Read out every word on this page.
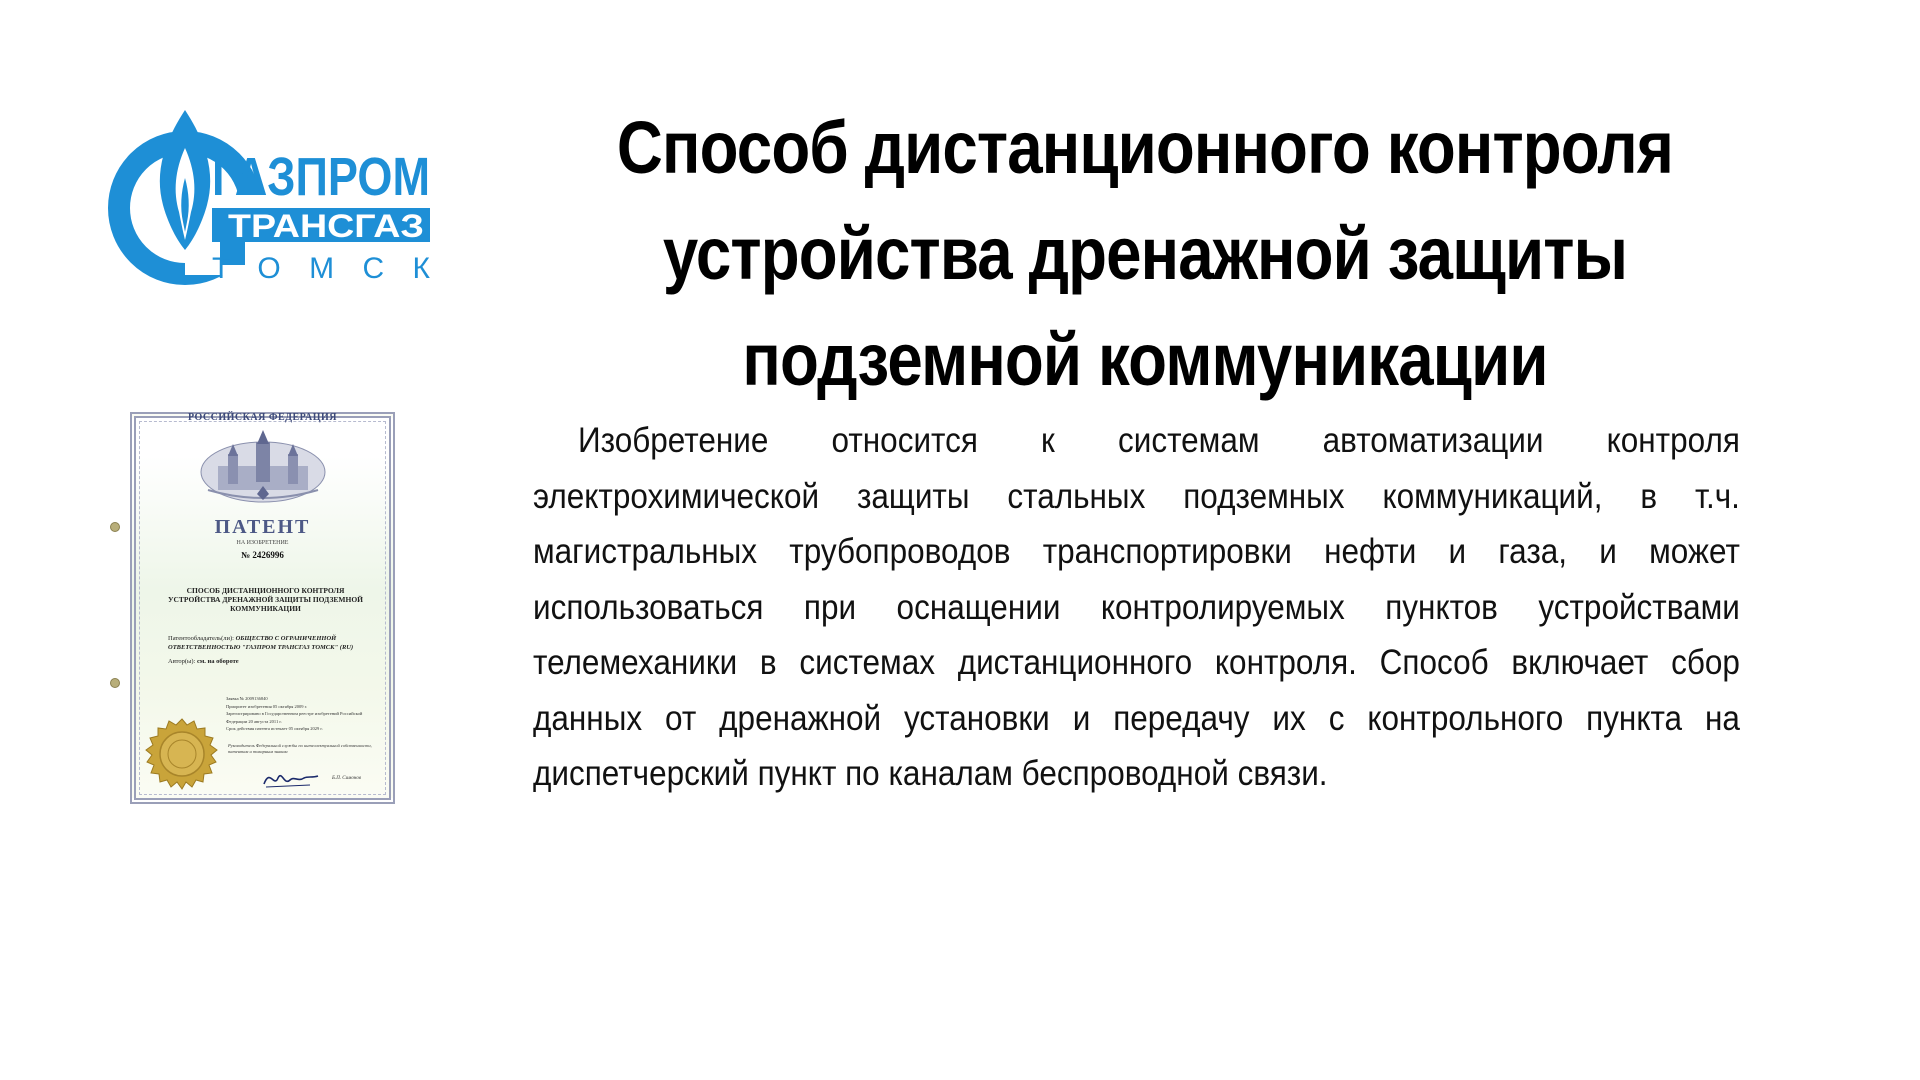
ГАЗПРОМ
ТРАНСГАЗ
ТОМСК
Способ дистанционного контроля устройства дренажной защиты подземной коммуникации
РОССИЙСКАЯ ФЕДЕРАЦИЯ
ПАТЕНТ
НА ИЗОБРЕТЕНИЕ
№ 2426996
СПОСОБ ДИСТАНЦИОННОГО КОНТРОЛЯ УСТРОЙСТВА ДРЕНАЖНОЙ ЗАЩИТЫ ПОДЗЕМНОЙ КОММУНИКАЦИИ
Патентообладатель(ли): ОБЩЕСТВО С ОГРАНИЧЕННОЙ ОТВЕТСТВЕННОСТЬЮ "ГАЗПРОМ ТРАНСГАЗ ТОМСК" (RU)
Автор(ы): см. на обороте
Заявка № 2009136840
Приоритет изобретения 05 октября 2009 г.
Зарегистрировано в Государственном реестре изобретений Российской Федерации 20 августа 2011 г.
Срок действия патента истекает 05 октября 2029 г.
Руководитель Федеральной службы по интеллектуальной собственности, патентам и товарным знакам
Б.П. Симонов

Изобретение относится к системам автоматизации контроля электрохимической защиты стальных подземных коммуникаций, в т.ч. магистральных трубопроводов транспортировки нефти и газа, и может использоваться при оснащении контролируемых пунктов устройствами телемеханики в системах дистанционного контроля. Способ включает сбор данных от дренажной установки и передачу их с контрольного пункта на диспетчерский пункт по каналам беспроводной связи.
